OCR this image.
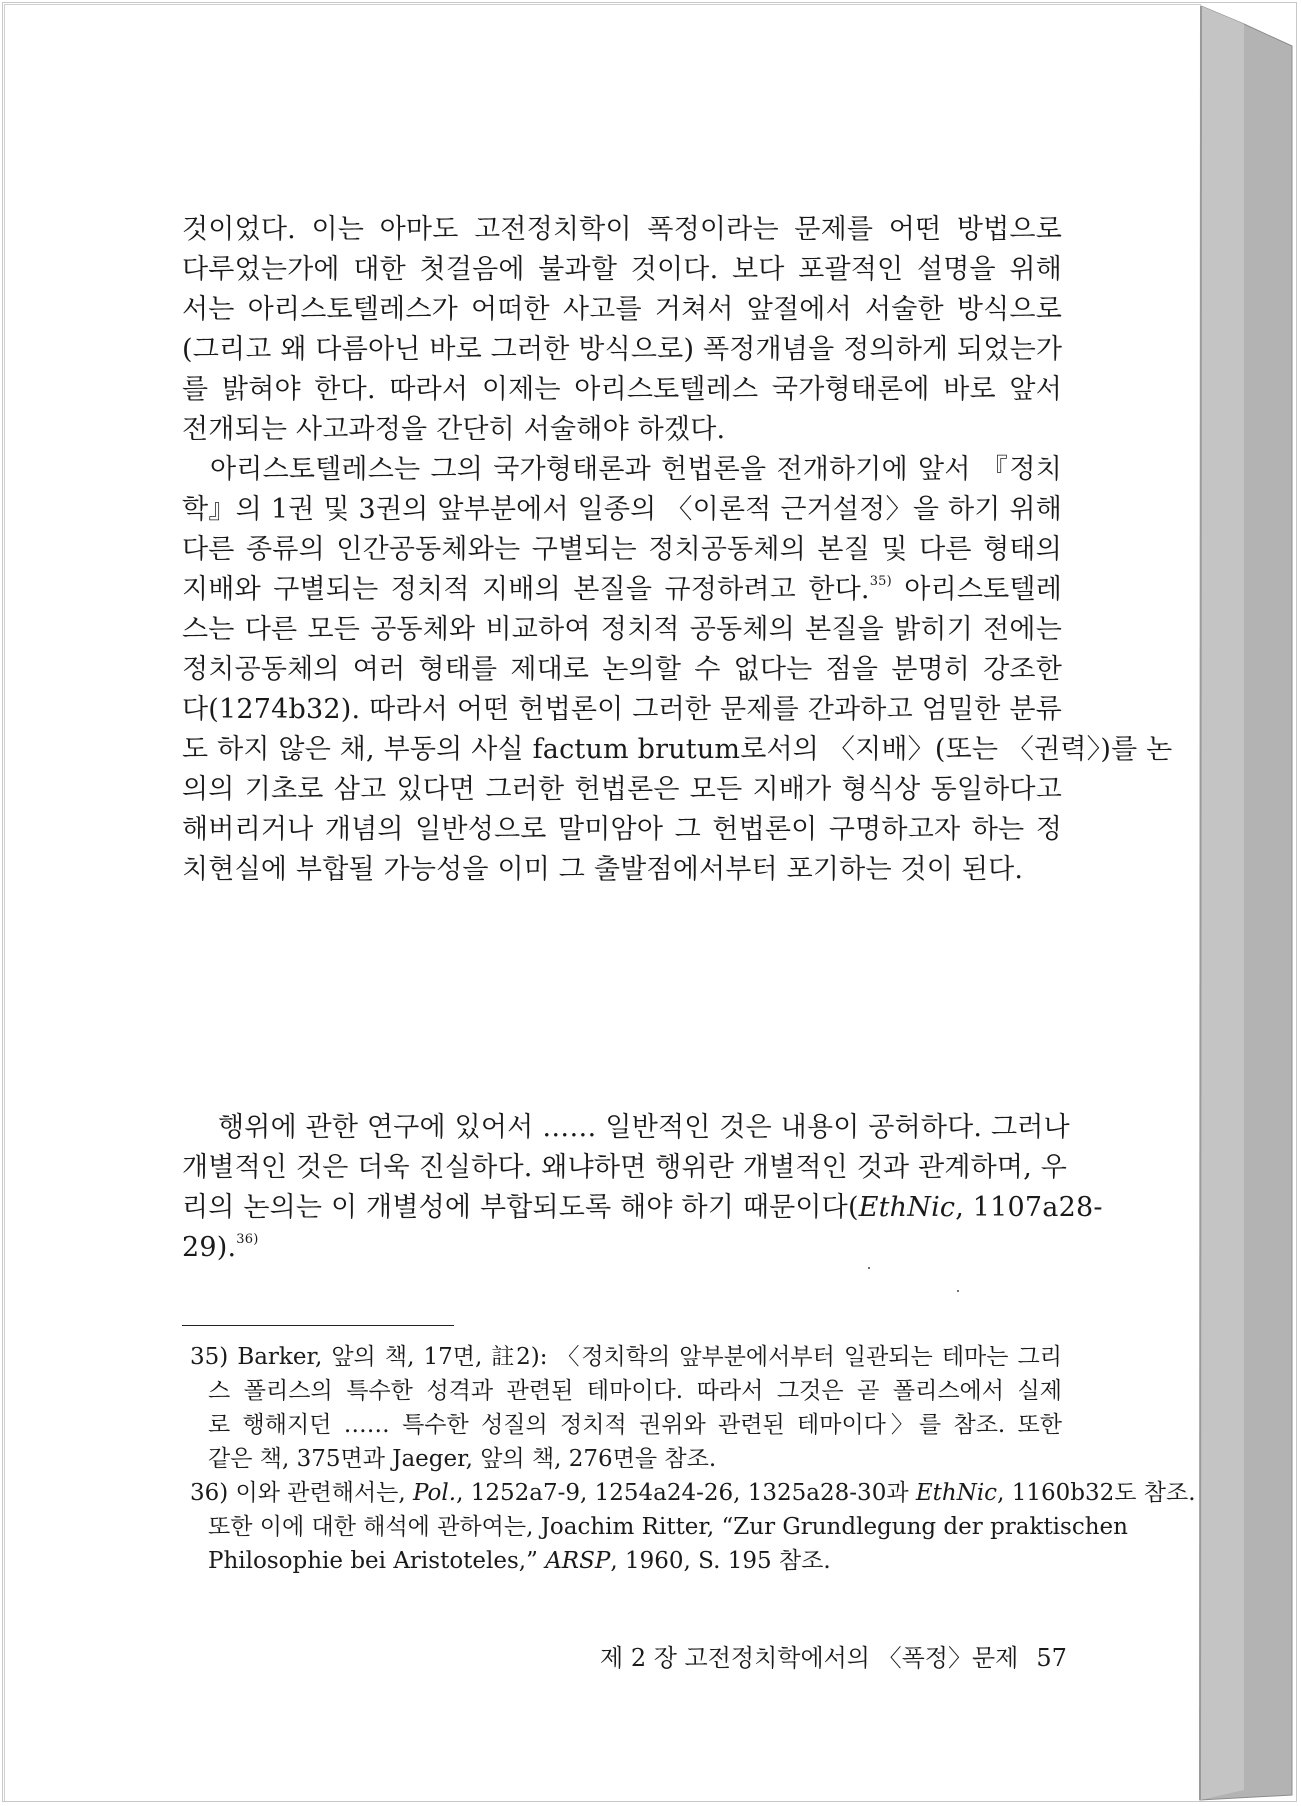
것이었다. 이는 아마도 고전정치학이 폭정이라는 문제를 어떤 방법으로
다루었는가에 대한 첫걸음에 불과할 것이다. 보다 포괄적인 설명을 위해
서는 아리스토텔레스가 어떠한 사고를 거쳐서 앞절에서 서술한 방식으로
(그리고 왜 다름아닌 바로 그러한 방식으로) 폭정개념을 정의하게 되었는가
를 밝혀야 한다. 따라서 이제는 아리스토텔레스 국가형태론에 바로 앞서
전개되는 사고과정을 간단히 서술해야 하겠다.
아리스토텔레스는 그의 국가형태론과 헌법론을 전개하기에 앞서 『정치
학』의 1권 및 3권의 앞부분에서 일종의 〈이론적 근거설정〉을 하기 위해
다른 종류의 인간공동체와는 구별되는 정치공동체의 본질 및 다른 형태의
지배와 구별되는 정치적 지배의 본질을 규정하려고 한다.$^{35)}$ 아리스토텔레
스는 다른 모든 공동체와 비교하여 정치적 공동체의 본질을 밝히기 전에는
정치공동체의 여러 형태를 제대로 논의할 수 없다는 점을 분명히 강조한
다(1274b32). 따라서 어떤 헌법론이 그러한 문제를 간과하고 엄밀한 분류
도 하지 않은 채, 부동의 사실 factum brutum로서의 〈지배〉(또는 〈권력〉)를 논
의의 기초로 삼고 있다면 그러한 헌법론은 모든 지배가 형식상 동일하다고
해버리거나 개념의 일반성으로 말미암아 그 헌법론이 구명하고자 하는 정
치현실에 부합될 가능성을 이미 그 출발점에서부터 포기하는 것이 된다.
행위에 관한 연구에 있어서 …… 일반적인 것은 내용이 공허하다. 그러나
개별적인 것은 더욱 진실하다. 왜냐하면 행위란 개별적인 것과 관계하며, 우
리의 논의는 이 개별성에 부합되도록 해야 하기 때문이다(EthNic, 1107a28-
29).$^{36)}$
35) Barker, 앞의 책, 17면, 註2): 〈정치학의 앞부분에서부터 일관되는 테마는 그리
스 폴리스의 특수한 성격과 관련된 테마이다. 따라서 그것은 곧 폴리스에서 실제
로 행해지던 …… 특수한 성질의 정치적 권위와 관련된 테마이다〉를 참조. 또한
같은 책, 375면과 Jaeger, 앞의 책, 276면을 참조.
36) 이와 관련해서는, Pol., 1252a7-9, 1254a24-26, 1325a28-30과 EthNic, 1160b32도 참조.
또한 이에 대한 해석에 관하여는, Joachim Ritter, “Zur Grundlegung der praktischen
Philosophie bei Aristoteles,” ARSP, 1960, S. 195 참조.
제 2 장 고전정치학에서의 〈폭정〉문제 57
